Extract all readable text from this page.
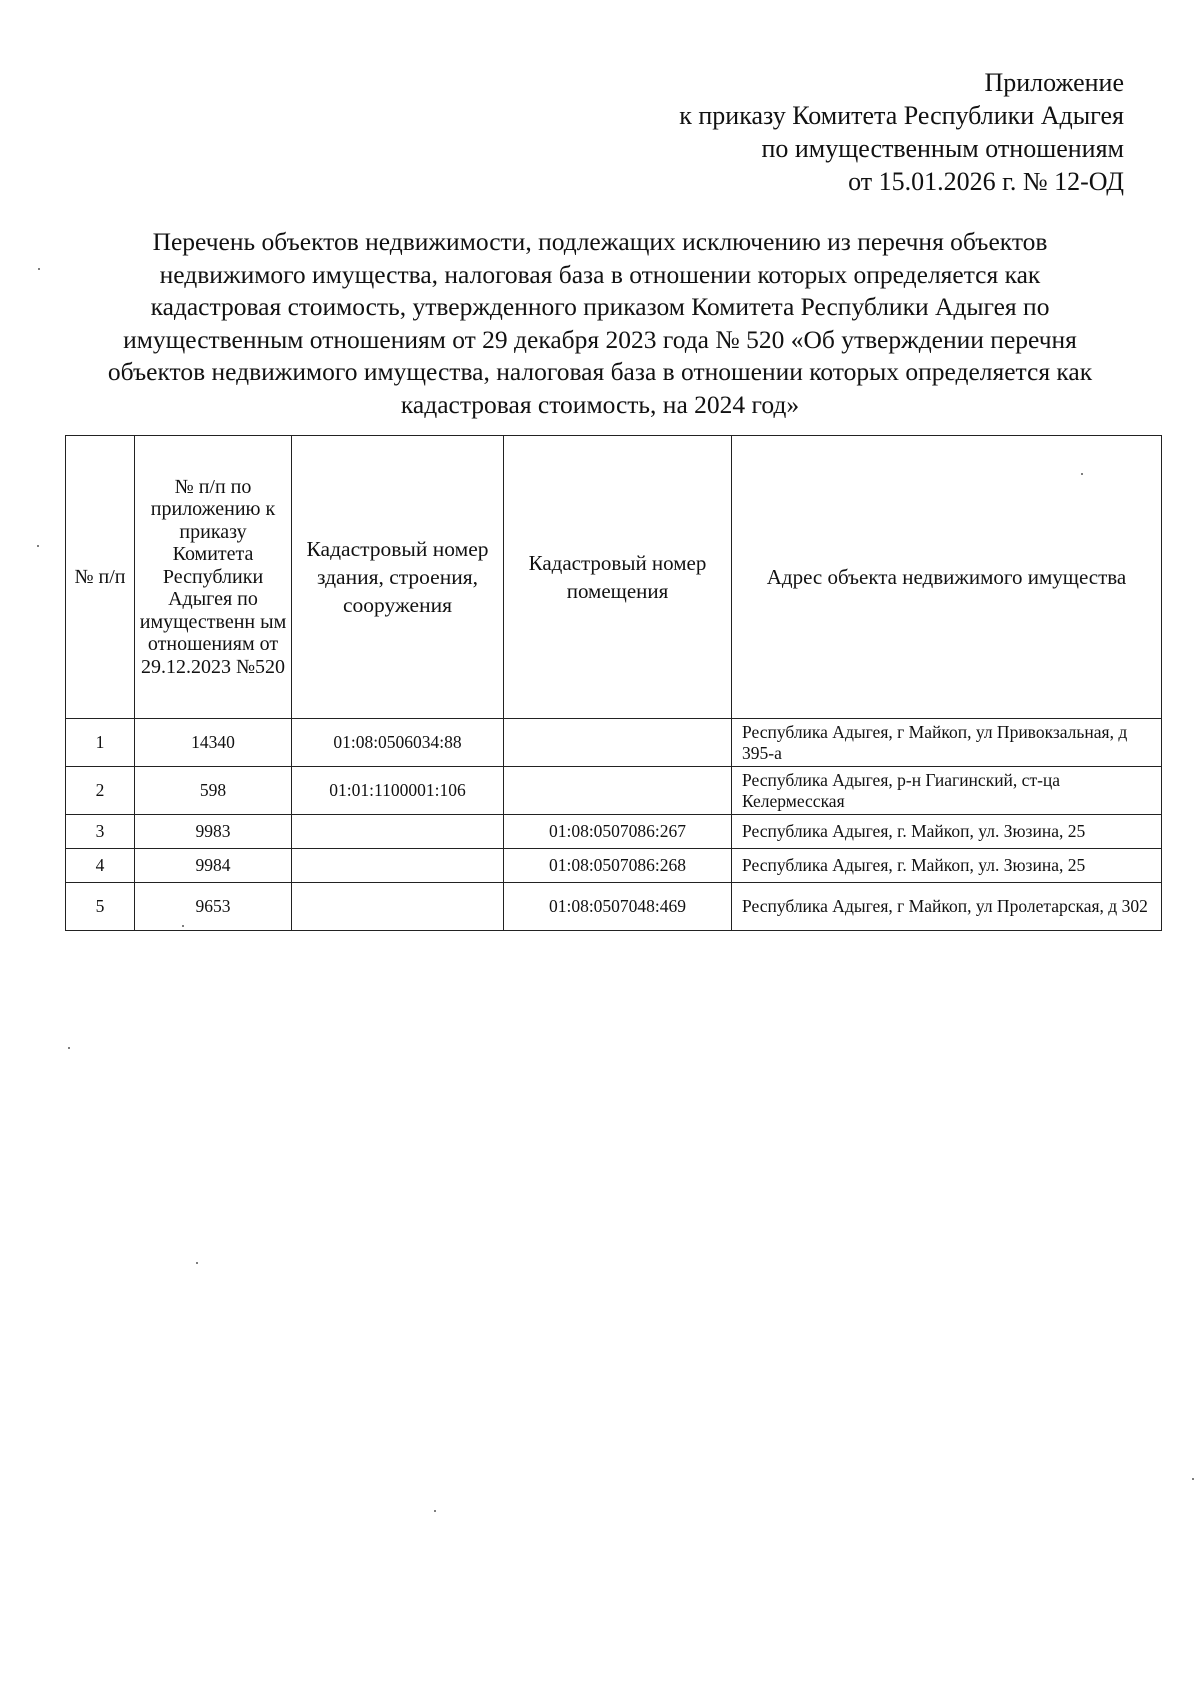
Приложение
к приказу Комитета Республики Адыгея
по имущественным отношениям
от 15.01.2026 г. № 12-ОД
Перечень объектов недвижимости, подлежащих исключению из перечня объектов
недвижимого имущества, налоговая база в отношении которых определяется как
кадастровая стоимость, утвержденного приказом Комитета Республики Адыгея по
имущественным отношениям от 29 декабря 2023 года № 520 «Об утверждении перечня
объектов недвижимого имущества, налоговая база в отношении которых определяется как
кадастровая стоимость, на 2024 год»
№ п/п	№ п/п по приложению к приказу Комитета Республики Адыгея по имущественн ым отношениям от 29.12.2023 №520	Кадастровый номер здания, строения, сооружения	Кадастровый номер помещения	Адрес объекта недвижимого имущества
1	14340	01:08:0506034:88		Республика Адыгея, г Майкоп, ул Привокзальная, д 395-а
2	598	01:01:1100001:106		Республика Адыгея, р-н Гиагинский, ст-ца Келермесская
3	9983		01:08:0507086:267	Республика Адыгея, г. Майкоп, ул. Зюзина, 25
4	9984		01:08:0507086:268	Республика Адыгея, г. Майкоп, ул. Зюзина, 25
5	9653		01:08:0507048:469	Республика Адыгея, г Майкоп, ул Пролетарская, д 302
